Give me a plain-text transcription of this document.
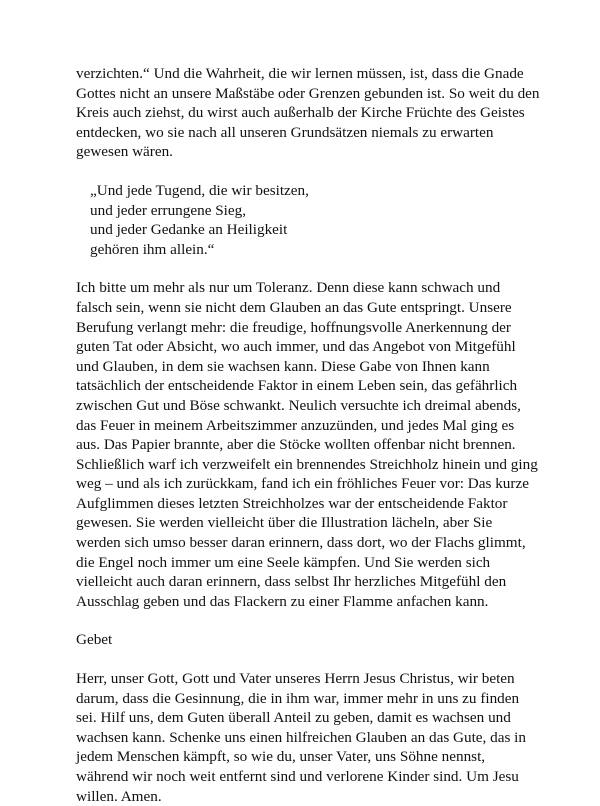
verzichten.“ Und die Wahrheit, die wir lernen müssen, ist, dass die Gnade
Gottes nicht an unsere Maßstäbe oder Grenzen gebunden ist. So weit du den
Kreis auch ziehst, du wirst auch außerhalb der Kirche Früchte des Geistes
entdecken, wo sie nach all unseren Grundsätzen niemals zu erwarten
gewesen wären.

„Und jede Tugend, die wir besitzen,
und jeder errungene Sieg,
und jeder Gedanke an Heiligkeit
gehören ihm allein.“

Ich bitte um mehr als nur um Toleranz. Denn diese kann schwach und
falsch sein, wenn sie nicht dem Glauben an das Gute entspringt. Unsere
Berufung verlangt mehr: die freudige, hoffnungsvolle Anerkennung der
guten Tat oder Absicht, wo auch immer, und das Angebot von Mitgefühl
und Glauben, in dem sie wachsen kann. Diese Gabe von Ihnen kann
tatsächlich der entscheidende Faktor in einem Leben sein, das gefährlich
zwischen Gut und Böse schwankt. Neulich versuchte ich dreimal abends,
das Feuer in meinem Arbeitszimmer anzuzünden, und jedes Mal ging es
aus. Das Papier brannte, aber die Stöcke wollten offenbar nicht brennen.
Schließlich warf ich verzweifelt ein brennendes Streichholz hinein und ging
weg – und als ich zurückkam, fand ich ein fröhliches Feuer vor: Das kurze
Aufglimmen dieses letzten Streichholzes war der entscheidende Faktor
gewesen. Sie werden vielleicht über die Illustration lächeln, aber Sie
werden sich umso besser daran erinnern, dass dort, wo der Flachs glimmt,
die Engel noch immer um eine Seele kämpfen. Und Sie werden sich
vielleicht auch daran erinnern, dass selbst Ihr herzliches Mitgefühl den
Ausschlag geben und das Flackern zu einer Flamme anfachen kann.

Gebet

Herr, unser Gott, Gott und Vater unseres Herrn Jesus Christus, wir beten
darum, dass die Gesinnung, die in ihm war, immer mehr in uns zu finden
sei. Hilf uns, dem Guten überall Anteil zu geben, damit es wachsen und
wachsen kann. Schenke uns einen hilfreichen Glauben an das Gute, das in
jedem Menschen kämpft, so wie du, unser Vater, uns Söhne nennst,
während wir noch weit entfernt sind und verlorene Kinder sind. Um Jesu
willen. Amen.
